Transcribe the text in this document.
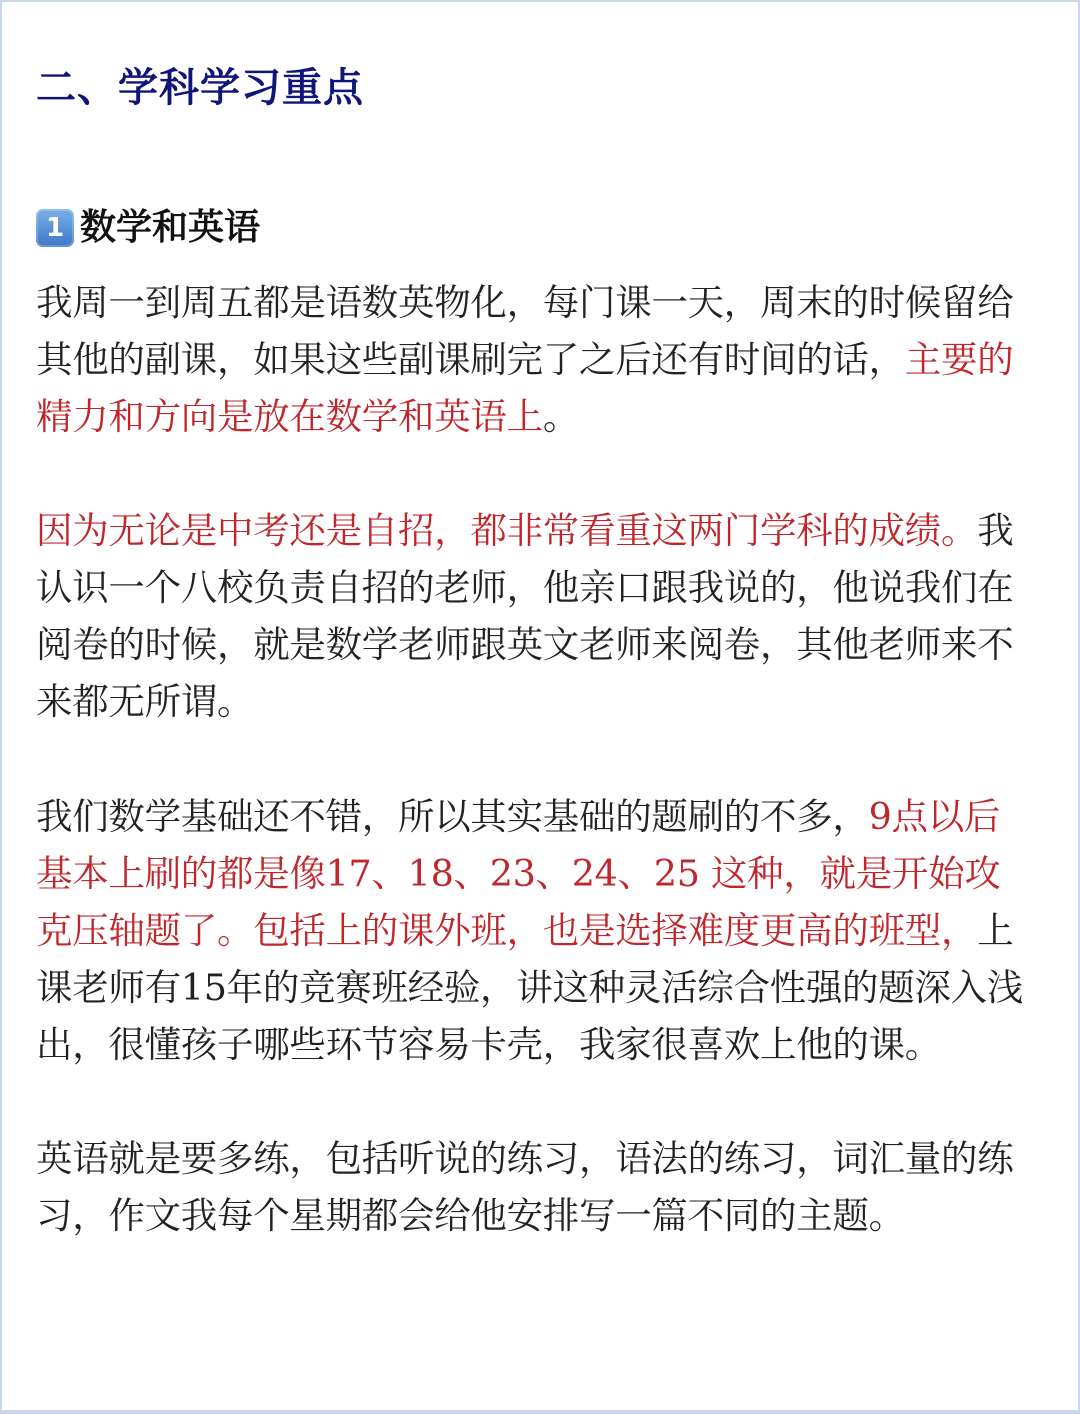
二、学科学习重点
1 数学和英语

我周一到周五都是语数英物化，每门课一天，周末的时候留给其他的副课，如果这些副课刷完了之后还有时间的话，主要的精力和方向是放在数学和英语上。

因为无论是中考还是自招，都非常看重这两门学科的成绩。我认识一个八校负责自招的老师，他亲口跟我说的，他说我们在阅卷的时候，就是数学老师跟英文老师来阅卷，其他老师来不来都无所谓。

我们数学基础还不错，所以其实基础的题刷的不多，9点以后基本上刷的都是像17、18、23、24、25 这种，就是开始攻克压轴题了。包括上的课外班，也是选择难度更高的班型，上课老师有15年的竞赛班经验，讲这种灵活综合性强的题深入浅出，很懂孩子哪些环节容易卡壳，我家很喜欢上他的课。

英语就是要多练，包括听说的练习，语法的练习，词汇量的练习，作文我每个星期都会给他安排写一篇不同的主题。
